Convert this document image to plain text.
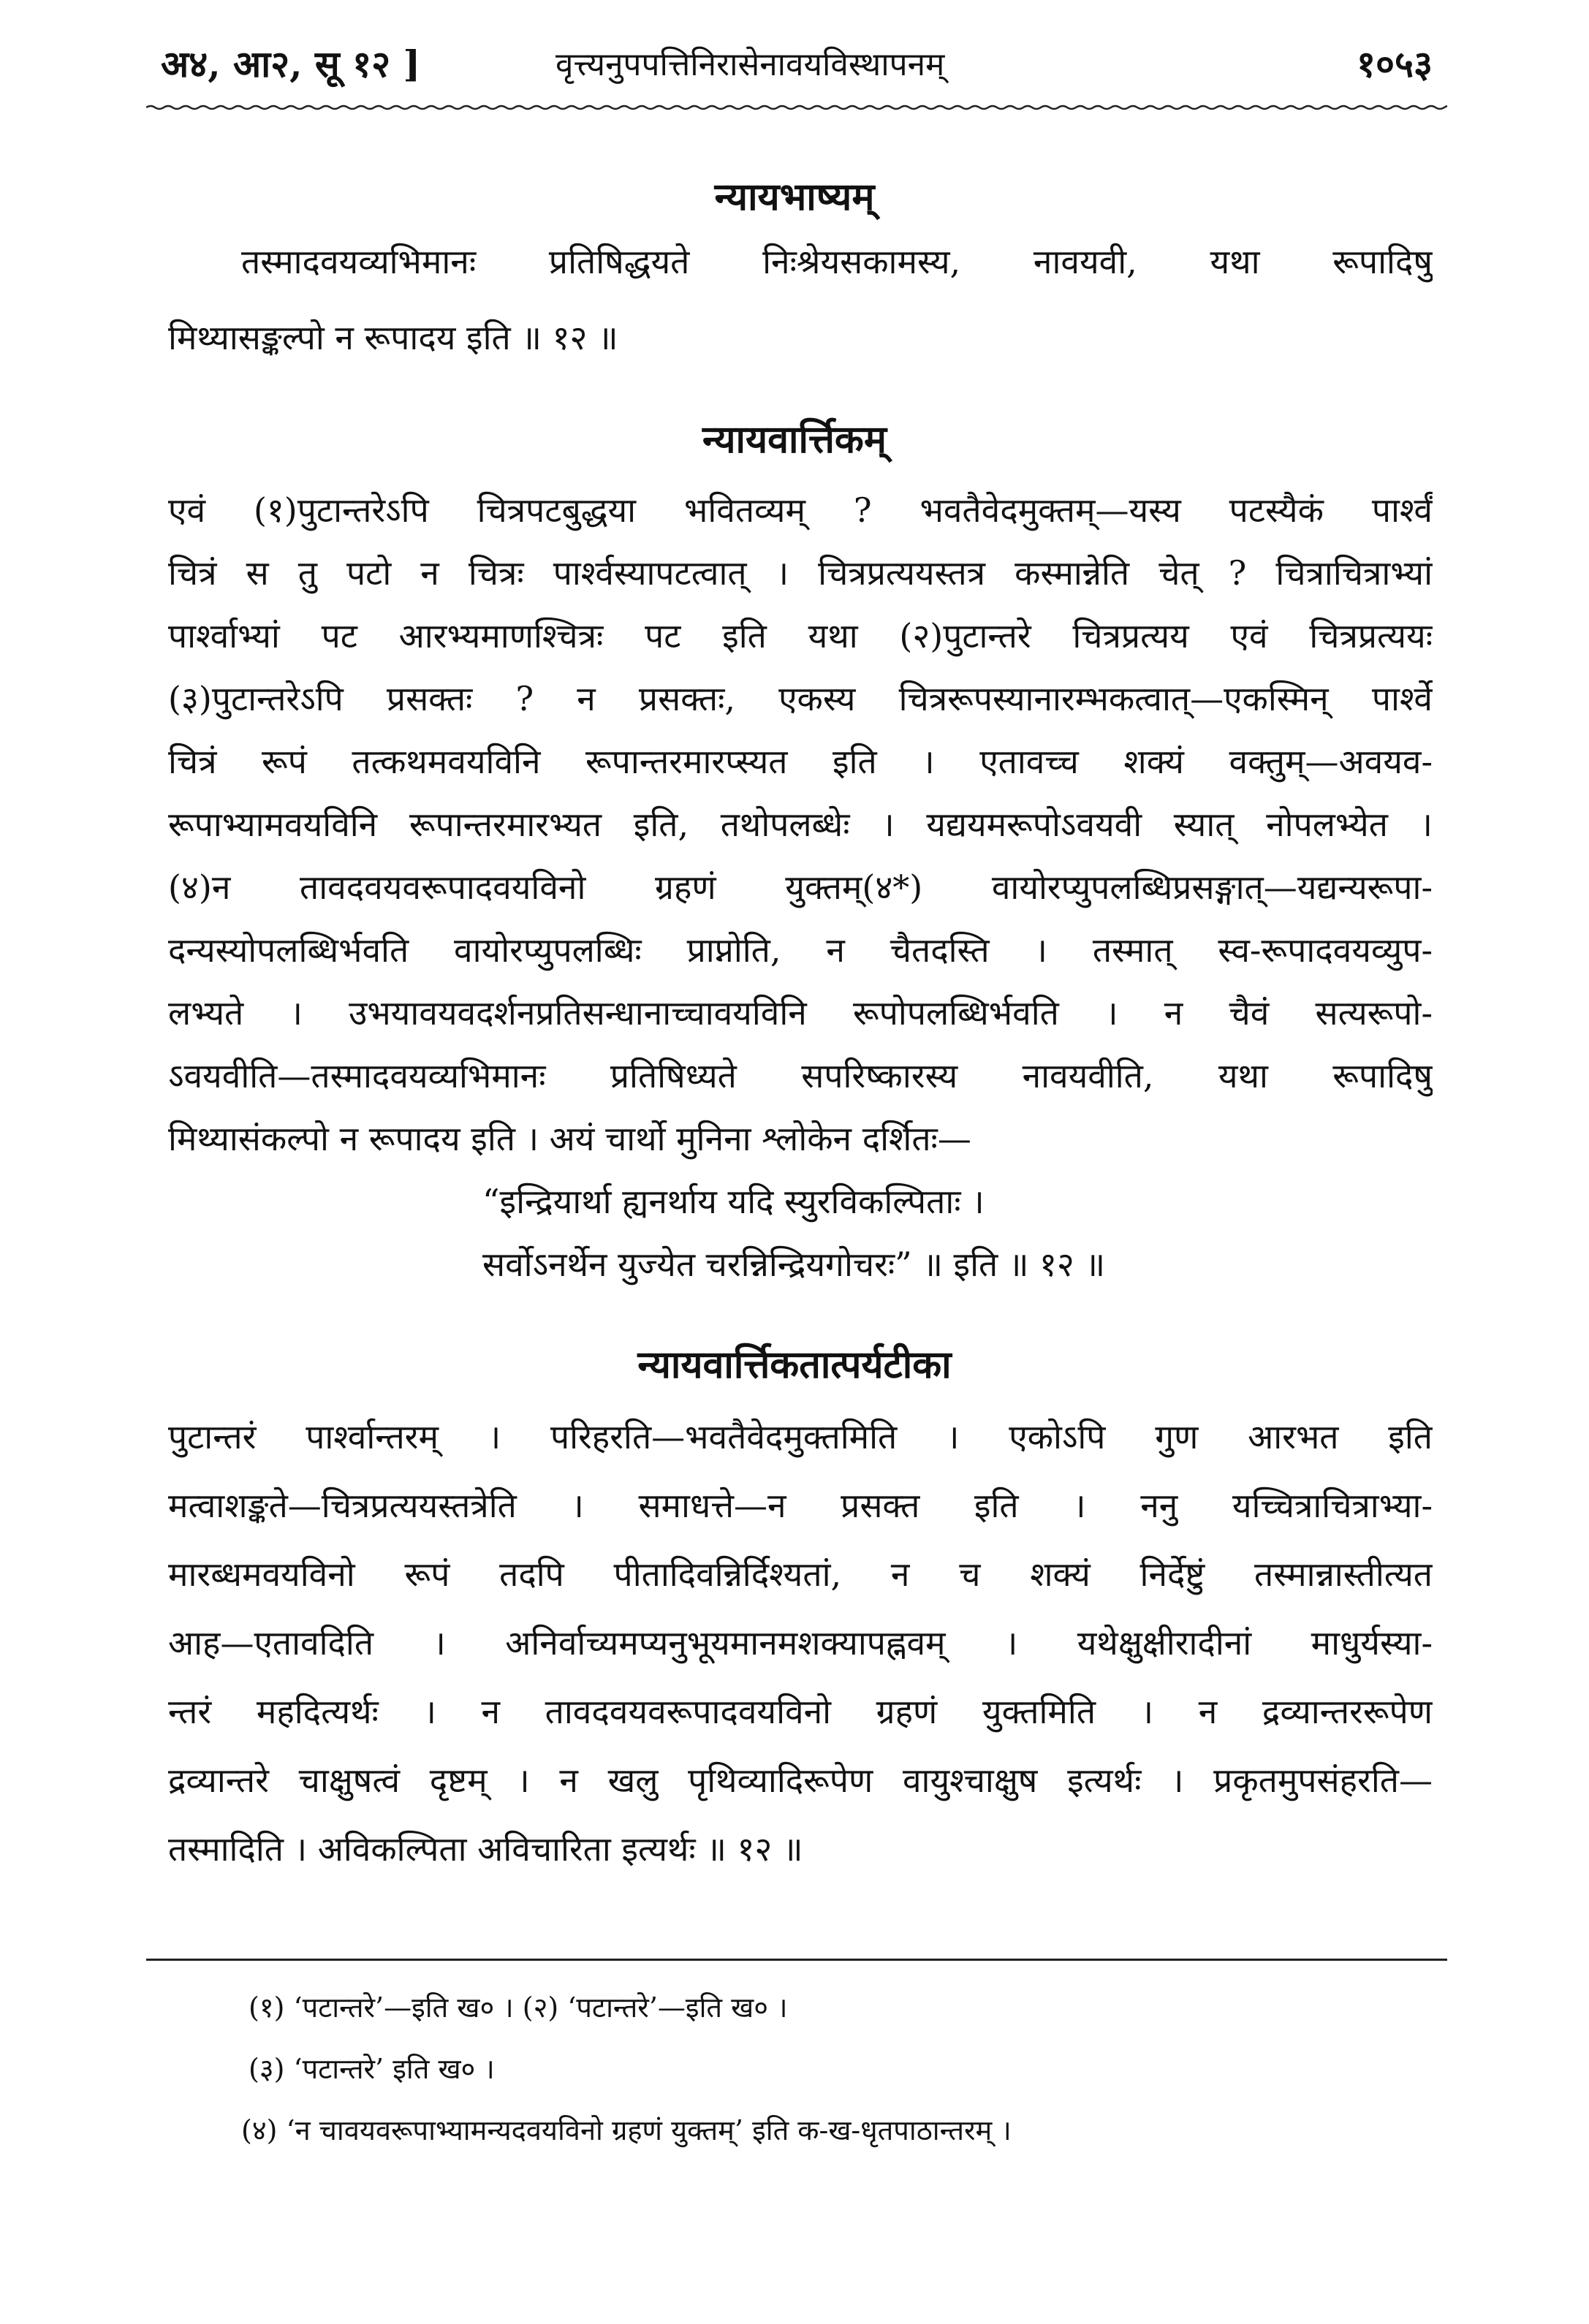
अ४, आ२, सू १२ ]	वृत्त्यनुपपत्तिनिरासेनावयविस्थापनम्	१०५३
न्यायभाष्यम्
तस्मादवयव्यभिमानः प्रतिषिद्धयते निःश्रेयसकामस्य, नावयवी, यथा रूपादिषु
मिथ्यासङ्कल्पो न रूपादय इति ॥ १२ ॥
न्यायवार्त्तिकम्
एवं (१)पुटान्तरेऽपि चित्रपटबुद्धया भवितव्यम् ? भवतैवेदमुक्तम्—यस्य पटस्यैकं पार्श्वं
चित्रं स तु पटो न चित्रः पार्श्वस्यापटत्वात् । चित्रप्रत्ययस्तत्र कस्मान्नेति चेत् ? चित्राचित्राभ्यां
पार्श्वाभ्यां पट आरभ्यमाणश्चित्रः पट इति यथा (२)पुटान्तरे चित्रप्रत्यय एवं चित्रप्रत्ययः
(३)पुटान्तरेऽपि प्रसक्तः ? न प्रसक्तः, एकस्य चित्ररूपस्यानारम्भकत्वात्—एकस्मिन् पार्श्वे
चित्रं रूपं तत्कथमवयविनि रूपान्तरमारप्स्यत इति । एतावच्च शक्यं वक्तुम्—अवयव-
रूपाभ्यामवयविनि रूपान्तरमारभ्यत इति, तथोपलब्धेः । यद्ययमरूपोऽवयवी स्यात् नोपलभ्येत ।
(४)न तावदवयवरूपादवयविनो ग्रहणं युक्तम्(४*) वायोरप्युपलब्धिप्रसङ्गात्—यद्यन्यरूपा-
दन्यस्योपलब्धिर्भवति वायोरप्युपलब्धिः प्राप्नोति, न चैतदस्ति । तस्मात् स्व-रूपादवयव्युप-
लभ्यते । उभयावयवदर्शनप्रतिसन्धानाच्चावयविनि रूपोपलब्धिर्भवति । न चैवं सत्यरूपो-
ऽवयवीति—तस्मादवयव्यभिमानः प्रतिषिध्यते सपरिष्कारस्य नावयवीति, यथा रूपादिषु
मिथ्यासंकल्पो न रूपादय इति । अयं चार्थो मुनिना श्लोकेन दर्शितः—
“इन्द्रियार्था ह्यनर्थाय यदि स्युरविकल्पिताः ।
सर्वोऽनर्थेन युज्येत चरन्निन्द्रियगोचरः” ॥ इति ॥ १२ ॥
न्यायवार्त्तिकतात्पर्यटीका
पुटान्तरं पार्श्वान्तरम् । परिहरति—भवतैवेदमुक्तमिति । एकोऽपि गुण आरभत इति
मत्वाशङ्कते—चित्रप्रत्ययस्तत्रेति । समाधत्ते—न प्रसक्त इति । ननु यच्चित्राचित्राभ्या-
मारब्धमवयविनो रूपं तदपि पीतादिवन्निर्दिश्यतां, न च शक्यं निर्देष्टुं तस्मान्नास्तीत्यत
आह—एतावदिति । अनिर्वाच्यमप्यनुभूयमानमशक्यापह्नवम् । यथेक्षुक्षीरादीनां माधुर्यस्या-
न्तरं महदित्यर्थः । न तावदवयवरूपादवयविनो ग्रहणं युक्तमिति । न द्रव्यान्तररूपेण
द्रव्यान्तरे चाक्षुषत्वं दृष्टम् । न खलु पृथिव्यादिरूपेण वायुश्चाक्षुष इत्यर्थः । प्रकृतमुपसंहरति—
तस्मादिति । अविकल्पिता अविचारिता इत्यर्थः ॥ १२ ॥
(१) ‘पटान्तरे’—इति ख० । (२) ‘पटान्तरे’—इति ख० ।
(३) ‘पटान्तरे’ इति ख० ।
(४) ‘न चावयवरूपाभ्यामन्यदवयविनो ग्रहणं युक्तम्’ इति क-ख-धृतपाठान्तरम् ।
